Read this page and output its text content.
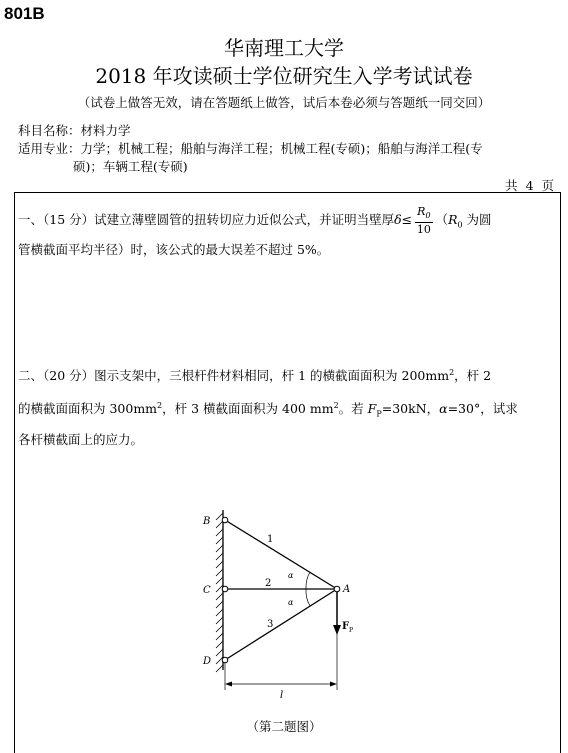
801B
华南理工大学
2018 年攻读硕士学位研究生入学考试试卷
（试卷上做答无效，请在答题纸上做答，试后本卷必须与答题纸一同交回）
科目名称：材料力学
适用专业：力学；机械工程；船舶与海洋工程；机械工程(专硕)；船舶与海洋工程(专
硕)；车辆工程(专硕)
共 4 页
一、（15 分）试建立薄壁圆管的扭转切应力近似公式，并证明当壁厚$\delta\le \frac{R_0}{10} (R_0$ 为圆
管横截面平均半径）时，该公式的最大误差不超过 5%。
二、（20 分）图示支架中，三根杆件材料相同，杆 1 的横截面面积为 $200mm^2$，杆 2
的横截面面积为 $300mm^2$，杆 3 横截面面积为 400 $mm^2$。若 $F_P=30kN$，α=30°，试求
各杆横截面上的应力。
B
C
D
A
α
α
l
F P
1
2
3
（第二题图）
